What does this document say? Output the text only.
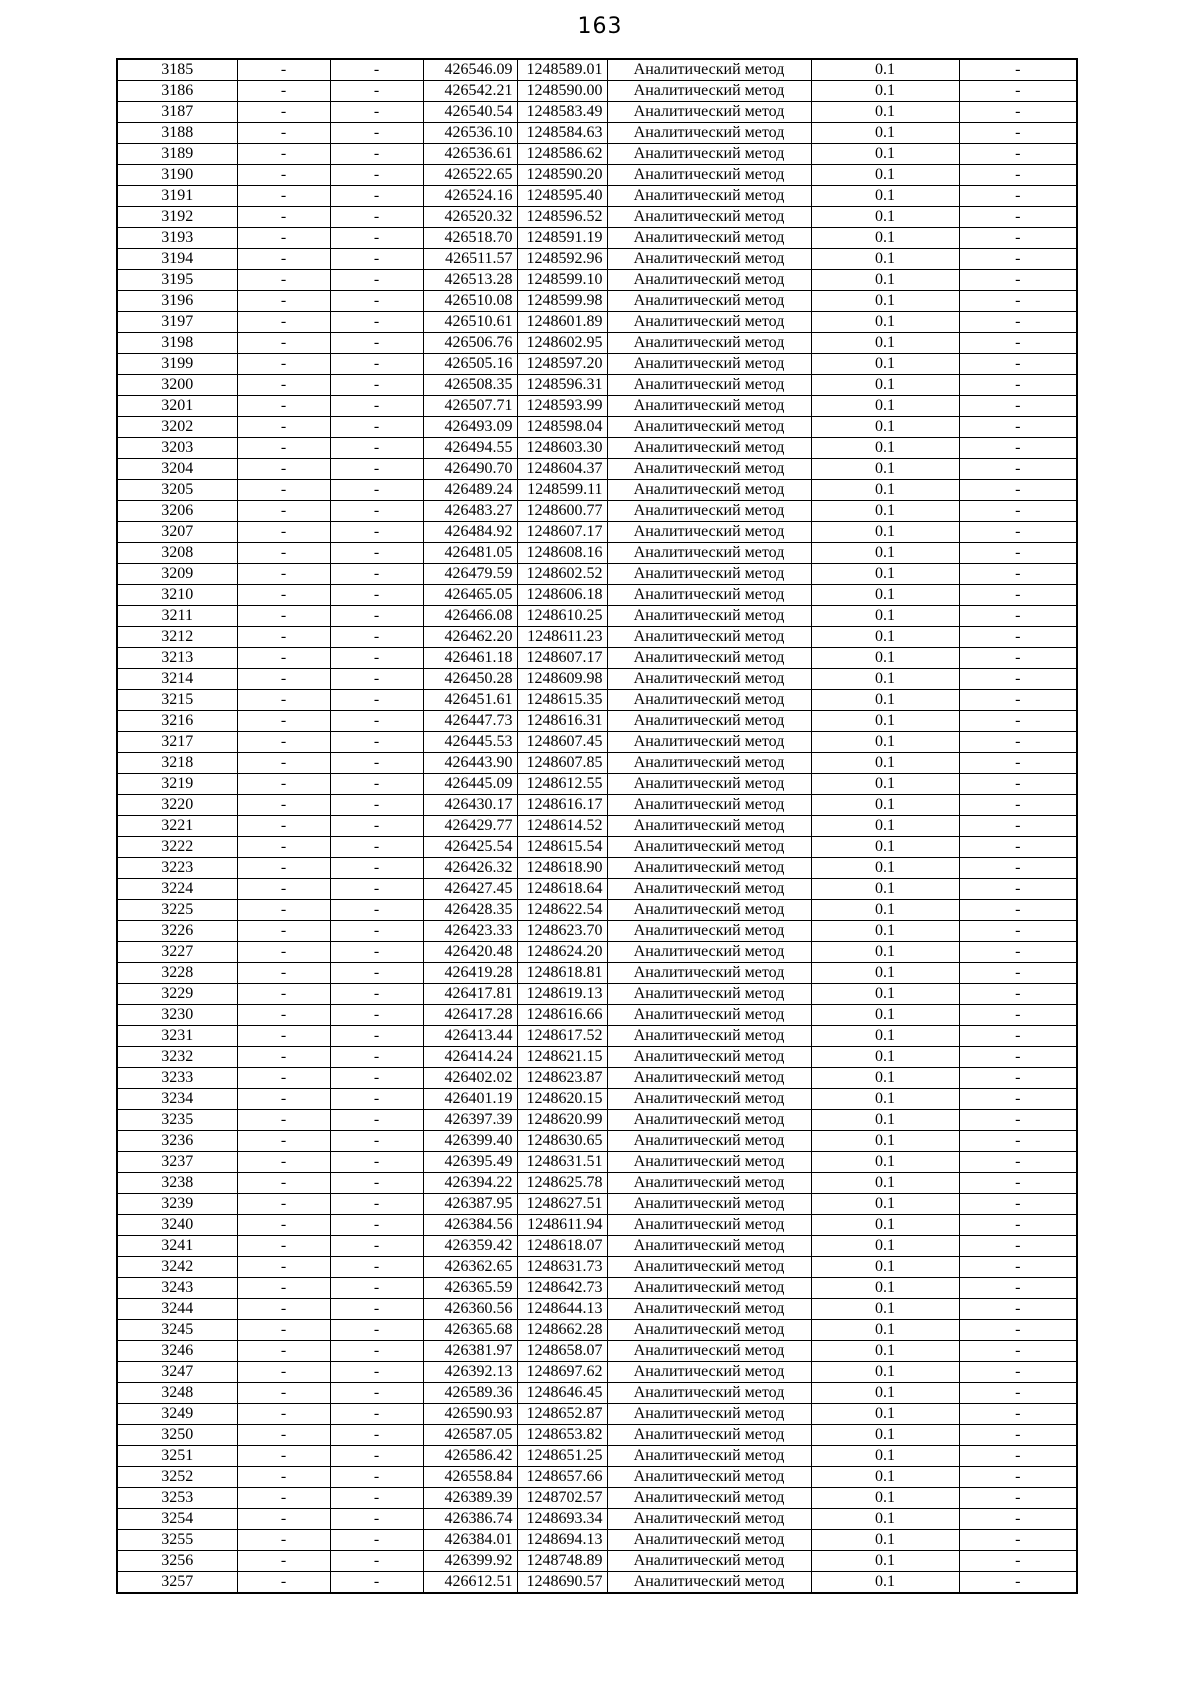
163
3185	-	-	426546.09	1248589.01	Аналитический метод	0.1	-
3186	-	-	426542.21	1248590.00	Аналитический метод	0.1	-
3187	-	-	426540.54	1248583.49	Аналитический метод	0.1	-
3188	-	-	426536.10	1248584.63	Аналитический метод	0.1	-
3189	-	-	426536.61	1248586.62	Аналитический метод	0.1	-
3190	-	-	426522.65	1248590.20	Аналитический метод	0.1	-
3191	-	-	426524.16	1248595.40	Аналитический метод	0.1	-
3192	-	-	426520.32	1248596.52	Аналитический метод	0.1	-
3193	-	-	426518.70	1248591.19	Аналитический метод	0.1	-
3194	-	-	426511.57	1248592.96	Аналитический метод	0.1	-
3195	-	-	426513.28	1248599.10	Аналитический метод	0.1	-
3196	-	-	426510.08	1248599.98	Аналитический метод	0.1	-
3197	-	-	426510.61	1248601.89	Аналитический метод	0.1	-
3198	-	-	426506.76	1248602.95	Аналитический метод	0.1	-
3199	-	-	426505.16	1248597.20	Аналитический метод	0.1	-
3200	-	-	426508.35	1248596.31	Аналитический метод	0.1	-
3201	-	-	426507.71	1248593.99	Аналитический метод	0.1	-
3202	-	-	426493.09	1248598.04	Аналитический метод	0.1	-
3203	-	-	426494.55	1248603.30	Аналитический метод	0.1	-
3204	-	-	426490.70	1248604.37	Аналитический метод	0.1	-
3205	-	-	426489.24	1248599.11	Аналитический метод	0.1	-
3206	-	-	426483.27	1248600.77	Аналитический метод	0.1	-
3207	-	-	426484.92	1248607.17	Аналитический метод	0.1	-
3208	-	-	426481.05	1248608.16	Аналитический метод	0.1	-
3209	-	-	426479.59	1248602.52	Аналитический метод	0.1	-
3210	-	-	426465.05	1248606.18	Аналитический метод	0.1	-
3211	-	-	426466.08	1248610.25	Аналитический метод	0.1	-
3212	-	-	426462.20	1248611.23	Аналитический метод	0.1	-
3213	-	-	426461.18	1248607.17	Аналитический метод	0.1	-
3214	-	-	426450.28	1248609.98	Аналитический метод	0.1	-
3215	-	-	426451.61	1248615.35	Аналитический метод	0.1	-
3216	-	-	426447.73	1248616.31	Аналитический метод	0.1	-
3217	-	-	426445.53	1248607.45	Аналитический метод	0.1	-
3218	-	-	426443.90	1248607.85	Аналитический метод	0.1	-
3219	-	-	426445.09	1248612.55	Аналитический метод	0.1	-
3220	-	-	426430.17	1248616.17	Аналитический метод	0.1	-
3221	-	-	426429.77	1248614.52	Аналитический метод	0.1	-
3222	-	-	426425.54	1248615.54	Аналитический метод	0.1	-
3223	-	-	426426.32	1248618.90	Аналитический метод	0.1	-
3224	-	-	426427.45	1248618.64	Аналитический метод	0.1	-
3225	-	-	426428.35	1248622.54	Аналитический метод	0.1	-
3226	-	-	426423.33	1248623.70	Аналитический метод	0.1	-
3227	-	-	426420.48	1248624.20	Аналитический метод	0.1	-
3228	-	-	426419.28	1248618.81	Аналитический метод	0.1	-
3229	-	-	426417.81	1248619.13	Аналитический метод	0.1	-
3230	-	-	426417.28	1248616.66	Аналитический метод	0.1	-
3231	-	-	426413.44	1248617.52	Аналитический метод	0.1	-
3232	-	-	426414.24	1248621.15	Аналитический метод	0.1	-
3233	-	-	426402.02	1248623.87	Аналитический метод	0.1	-
3234	-	-	426401.19	1248620.15	Аналитический метод	0.1	-
3235	-	-	426397.39	1248620.99	Аналитический метод	0.1	-
3236	-	-	426399.40	1248630.65	Аналитический метод	0.1	-
3237	-	-	426395.49	1248631.51	Аналитический метод	0.1	-
3238	-	-	426394.22	1248625.78	Аналитический метод	0.1	-
3239	-	-	426387.95	1248627.51	Аналитический метод	0.1	-
3240	-	-	426384.56	1248611.94	Аналитический метод	0.1	-
3241	-	-	426359.42	1248618.07	Аналитический метод	0.1	-
3242	-	-	426362.65	1248631.73	Аналитический метод	0.1	-
3243	-	-	426365.59	1248642.73	Аналитический метод	0.1	-
3244	-	-	426360.56	1248644.13	Аналитический метод	0.1	-
3245	-	-	426365.68	1248662.28	Аналитический метод	0.1	-
3246	-	-	426381.97	1248658.07	Аналитический метод	0.1	-
3247	-	-	426392.13	1248697.62	Аналитический метод	0.1	-
3248	-	-	426589.36	1248646.45	Аналитический метод	0.1	-
3249	-	-	426590.93	1248652.87	Аналитический метод	0.1	-
3250	-	-	426587.05	1248653.82	Аналитический метод	0.1	-
3251	-	-	426586.42	1248651.25	Аналитический метод	0.1	-
3252	-	-	426558.84	1248657.66	Аналитический метод	0.1	-
3253	-	-	426389.39	1248702.57	Аналитический метод	0.1	-
3254	-	-	426386.74	1248693.34	Аналитический метод	0.1	-
3255	-	-	426384.01	1248694.13	Аналитический метод	0.1	-
3256	-	-	426399.92	1248748.89	Аналитический метод	0.1	-
3257	-	-	426612.51	1248690.57	Аналитический метод	0.1	-
